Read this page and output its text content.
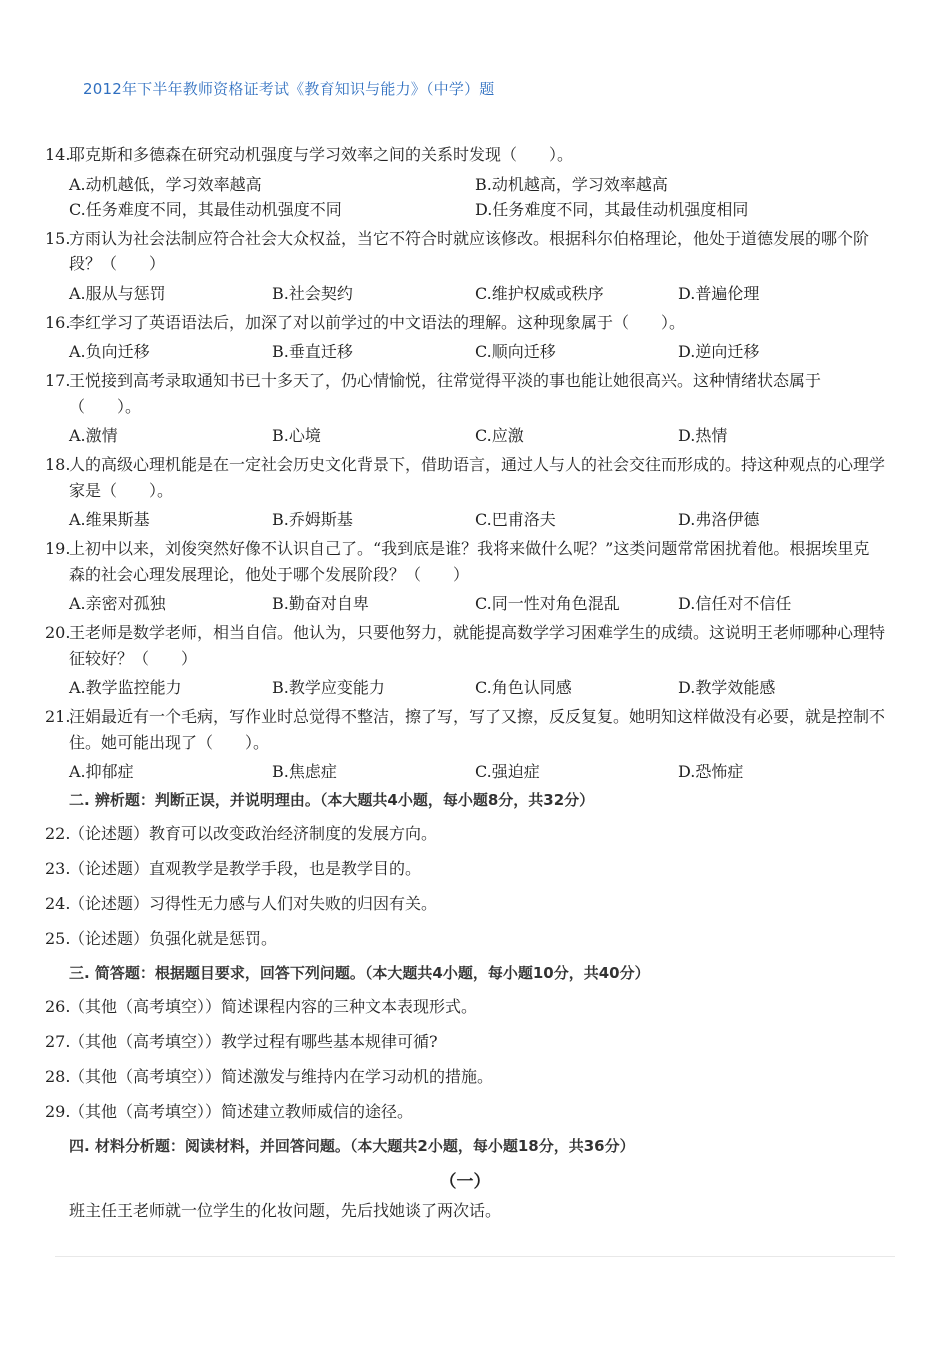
2012年下半年教师资格证考试《教育知识与能力》（中学）题
14.
耶克斯和多德森在研究动机强度与学习效率之间的关系时发现（　　）。
A.动机越低，学习效率越高	B.动机越高，学习效率越高
C.任务难度不同，其最佳动机强度不同	D.任务难度不同，其最佳动机强度相同
15.
方雨认为社会法制应符合社会大众权益，当它不符合时就应该修改。根据科尔伯格理论，他处于道德发展的哪个阶段？（　　）
A.服从与惩罚	B.社会契约	C.维护权威或秩序	D.普遍伦理
16.
李红学习了英语语法后，加深了对以前学过的中文语法的理解。这种现象属于（　　）。
A.负向迁移	B.垂直迁移	C.顺向迁移	D.逆向迁移
17.
王悦接到高考录取通知书已十多天了，仍心情愉悦，往常觉得平淡的事也能让她很高兴。这种情绪状态属于（　　）。
A.激情	B.心境	C.应激	D.热情
18.
人的高级心理机能是在一定社会历史文化背景下，借助语言，通过人与人的社会交往而形成的。持这种观点的心理学家是（　　）。
A.维果斯基	B.乔姆斯基	C.巴甫洛夫	D.弗洛伊德
19.
上初中以来，刘俊突然好像不认识自己了。“我到底是谁？我将来做什么呢？”这类问题常常困扰着他。根据埃里克森的社会心理发展理论，他处于哪个发展阶段？（　　）
A.亲密对孤独	B.勤奋对自卑	C.同一性对角色混乱	D.信任对不信任
20.
王老师是数学老师，相当自信。他认为，只要他努力，就能提高数学学习困难学生的成绩。这说明王老师哪种心理特征较好？（　　）
A.教学监控能力	B.教学应变能力	C.角色认同感	D.教学效能感
21.
汪娟最近有一个毛病，写作业时总觉得不整洁，擦了写，写了又擦，反反复复。她明知这样做没有必要，就是控制不住。她可能出现了（　　）。
A.抑郁症	B.焦虑症	C.强迫症	D.恐怖症
二. 辨析题：判断正误，并说明理由。（本大题共4小题，每小题8分，共32分）
22.
（论述题）教育可以改变政治经济制度的发展方向。
23.
（论述题）直观教学是教学手段，也是教学目的。
24.
（论述题）习得性无力感与人们对失败的归因有关。
25.
（论述题）负强化就是惩罚。
三. 简答题：根据题目要求，回答下列问题。（本大题共4小题，每小题10分，共40分）
26.
（其他（高考填空））简述课程内容的三种文本表现形式。
27.
（其他（高考填空））教学过程有哪些基本规律可循?
28.
（其他（高考填空））简述激发与维持内在学习动机的措施。
29.
（其他（高考填空））简述建立教师威信的途径。
四. 材料分析题：阅读材料，并回答问题。（本大题共2小题，每小题18分，共36分）
（一）
班主任王老师就一位学生的化妆问题，先后找她谈了两次话。
